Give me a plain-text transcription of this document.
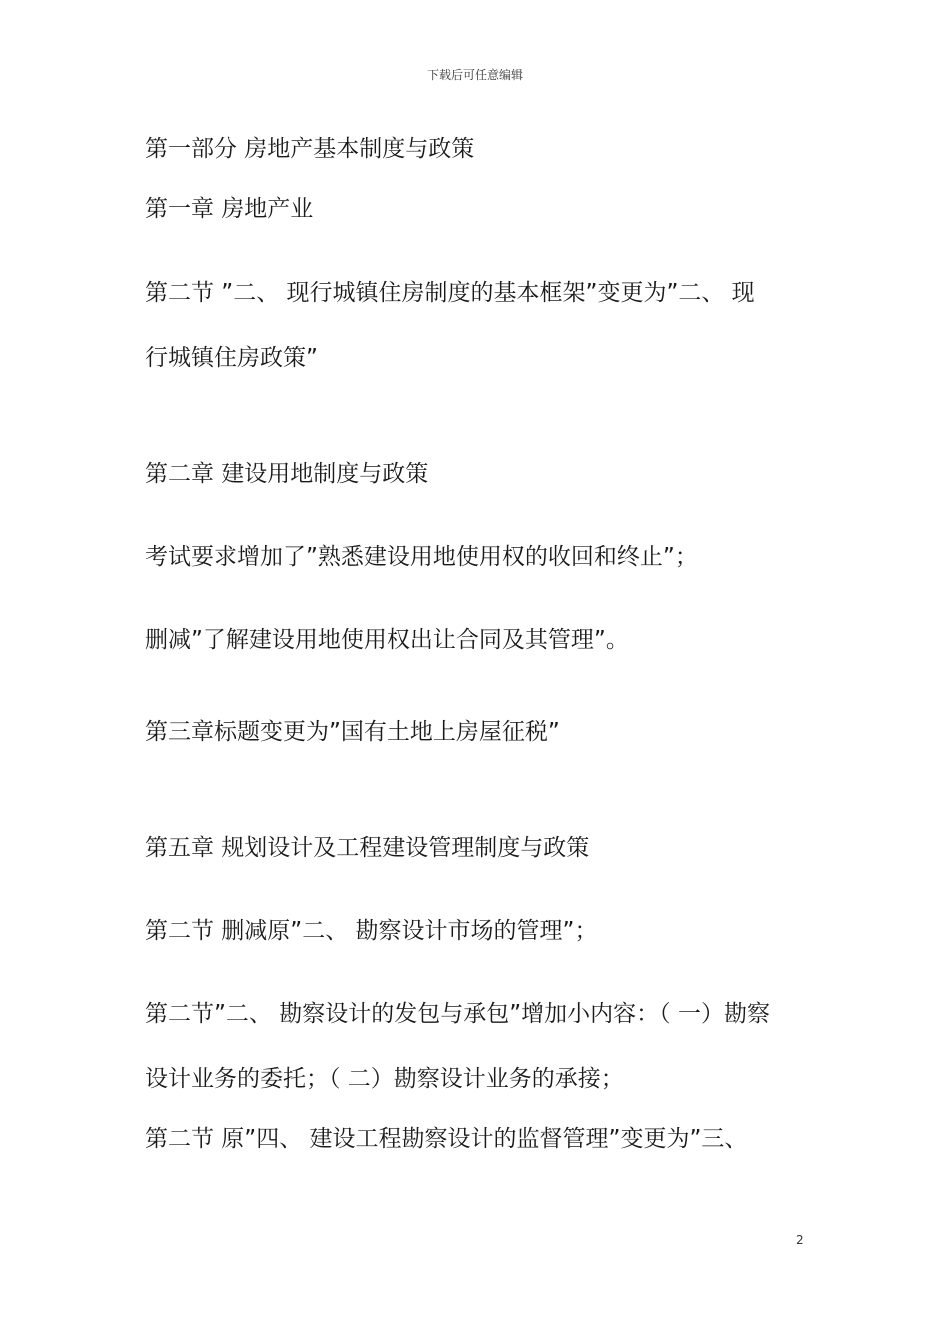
下载后可任意编辑
第一部分 房地产基本制度与政策
第一章 房地产业
第二节 ”二、 现行城镇住房制度的基本框架”变更为”二、 现
行城镇住房政策”
第二章 建设用地制度与政策
考试要求增加了”熟悉建设用地使用权的收回和终止”；
删减”了解建设用地使用权出让合同及其管理”。
第三章标题变更为”国有土地上房屋征税”
第五章 规划设计及工程建设管理制度与政策
第二节 删减原”二、 勘察设计市场的管理”；
第二节”二、 勘察设计的发包与承包”增加小内容：（ 一）勘察
设计业务的委托；（ 二）勘察设计业务的承接；
第二节 原”四、 建设工程勘察设计的监督管理”变更为”三、
2
